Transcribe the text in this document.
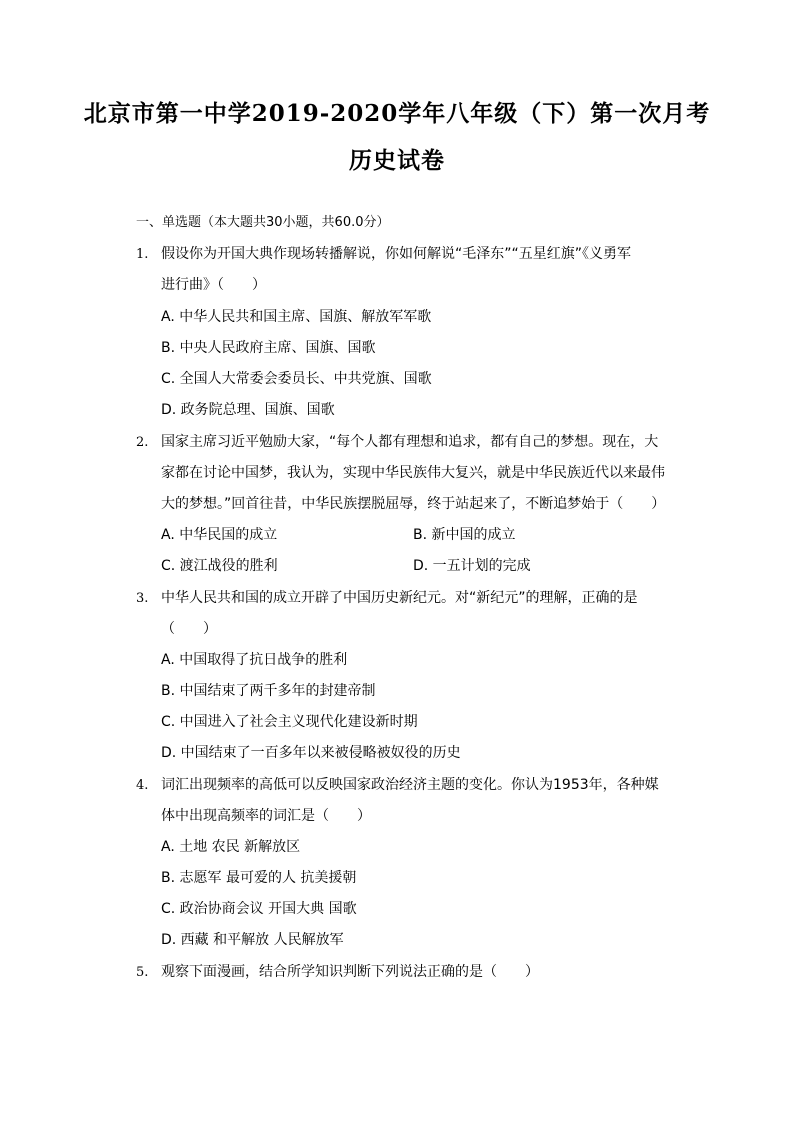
北京市第一中学2019-2020学年八年级（下）第一次月考
历史试卷
一、单选题（本大题共30小题，共60.0分）
1. 假设你为开国大典作现场转播解说，你如何解说“毛泽东”“五星红旗”《义勇军
进行曲》（　　）
A. 中华人民共和国主席、国旗、解放军军歌
B. 中央人民政府主席、国旗、国歌
C. 全国人大常委会委员长、中共党旗、国歌
D. 政务院总理、国旗、国歌
2. 国家主席习近平勉励大家，“每个人都有理想和追求，都有自己的梦想。现在，大
家都在讨论中国梦，我认为，实现中华民族伟大复兴，就是中华民族近代以来最伟
大的梦想。”回首往昔，中华民族摆脱屈辱，终于站起来了，不断追梦始于（　　）
A. 中华民国的成立	B. 新中国的成立
C. 渡江战役的胜利	D. 一五计划的完成
3. 中华人民共和国的成立开辟了中国历史新纪元。对“新纪元”的理解，正确的是
（　　）
A. 中国取得了抗日战争的胜利
B. 中国结束了两千多年的封建帝制
C. 中国进入了社会主义现代化建设新时期
D. 中国结束了一百多年以来被侵略被奴役的历史
4. 词汇出现频率的高低可以反映国家政治经济主题的变化。你认为1953年，各种媒
体中出现高频率的词汇是（　　）
A. 土地 农民 新解放区
B. 志愿军 最可爱的人 抗美援朝
C. 政治协商会议 开国大典 国歌
D. 西藏 和平解放 人民解放军
5. 观察下面漫画，结合所学知识判断下列说法正确的是（　　）
